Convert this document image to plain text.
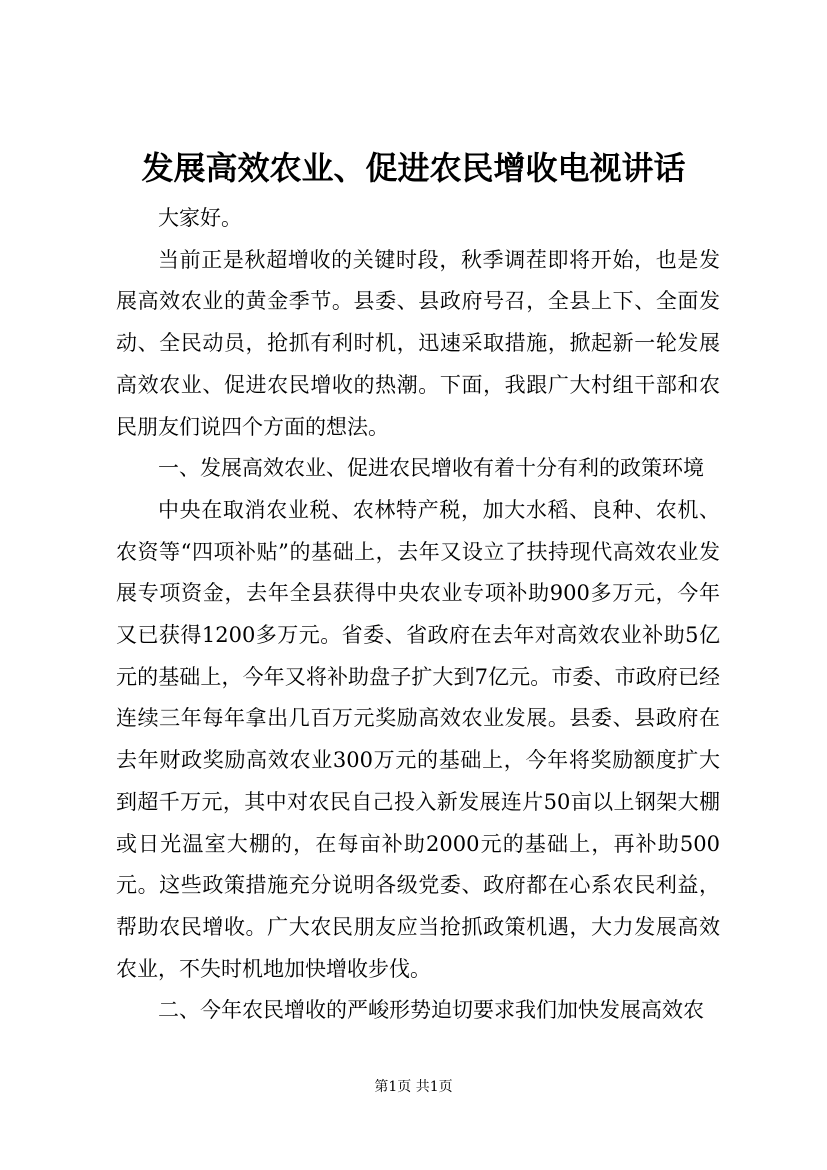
发展高效农业、促进农民增收电视讲话

大家好。

当前正是秋超增收的关键时段，秋季调茬即将开始，也是发展高效农业的黄金季节。县委、县政府号召，全县上下、全面发动、全民动员，抢抓有利时机，迅速采取措施，掀起新一轮发展高效农业、促进农民增收的热潮。下面，我跟广大村组干部和农民朋友们说四个方面的想法。

一、发展高效农业、促进农民增收有着十分有利的政策环境

中央在取消农业税、农林特产税，加大水稻、良种、农机、农资等“四项补贴”的基础上，去年又设立了扶持现代高效农业发展专项资金，去年全县获得中央农业专项补助900多万元，今年又已获得1200多万元。省委、省政府在去年对高效农业补助5亿元的基础上，今年又将补助盘子扩大到7亿元。市委、市政府已经连续三年每年拿出几百万元奖励高效农业发展。县委、县政府在去年财政奖励高效农业300万元的基础上，今年将奖励额度扩大到超千万元，其中对农民自己投入新发展连片50亩以上钢架大棚或日光温室大棚的，在每亩补助2000元的基础上，再补助500元。这些政策措施充分说明各级党委、政府都在心系农民利益，帮助农民增收。广大农民朋友应当抢抓政策机遇，大力发展高效农业，不失时机地加快增收步伐。

二、今年农民增收的严峻形势迫切要求我们加快发展高效农

第1页 共1页
